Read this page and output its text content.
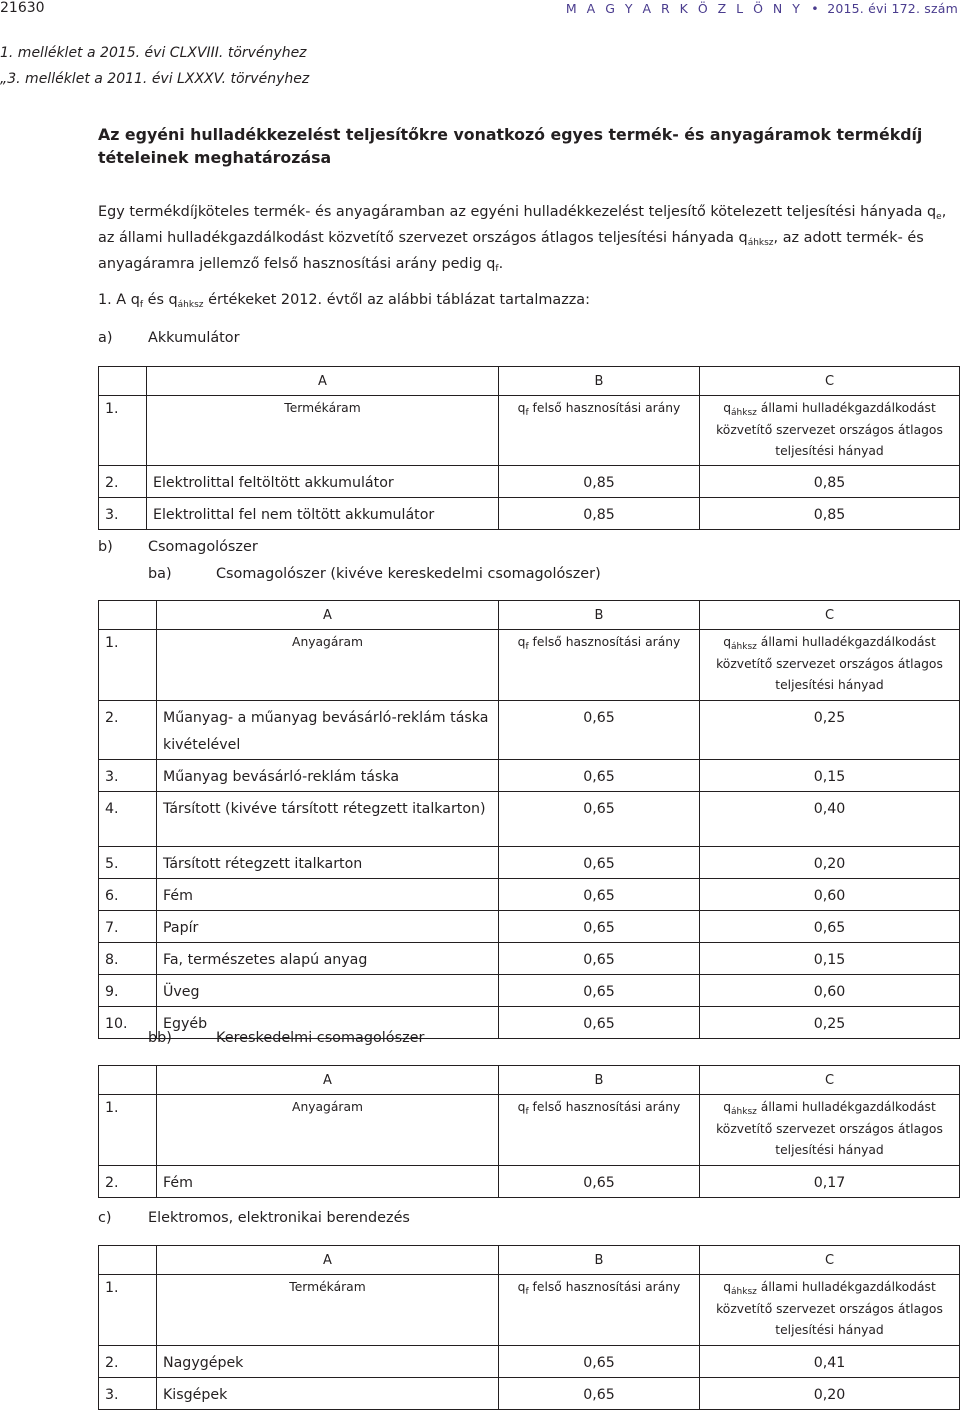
21630	M A G Y A R K Ö Z L Ö N Y  •  2015. évi 172. szám
1. melléklet a 2015. évi CLXVIII. törvényhez
„3. melléklet a 2011. évi LXXXV. törvényhez
Az egyéni hulladékkezelést teljesítőkre vonatkozó egyes termék- és anyagáramok termékdíj tételeinek meghatározása
Egy termékdíjköteles termék- és anyagáramban az egyéni hulladékkezelést teljesítő kötelezett teljesítési hányada $q_e$, az állami hulladékgazdálkodást közvetítő szervezet országos átlagos teljesítési hányada $q_{áhksz}$, az adott termék- és anyagáramra jellemző felső hasznosítási arány pedig $q_f$.
1. A $q_f$ és $q_{áhksz}$ értékeket 2012. évtől az alábbi táblázat tartalmazza:
a) Akkumulátor
	A	B	C
1.	Termékáram	$q_f$ felső hasznosítási arány	$q_{áhksz}$ állami hulladékgazdálkodást közvetítő szervezet országos átlagos teljesítési hányad
2.	Elektrolittal feltöltött akkumulátor	0,85	0,85
3.	Elektrolittal fel nem töltött akkumulátor	0,85	0,85
b) Csomagolószer
ba)	Csomagolószer (kivéve kereskedelmi csomagolószer)
	A	B	C
1.	Anyagáram	$q_f$ felső hasznosítási arány	$q_{áhksz}$ állami hulladékgazdálkodást közvetítő szervezet országos átlagos teljesítési hányad
2.	Műanyag- a műanyag bevásárló-reklám táska kivételével	0,65	0,25
3.	Műanyag bevásárló-reklám táska	0,65	0,15
4.	Társított (kivéve társított rétegzett italkarton)	0,65	0,40
5.	Társított rétegzett italkarton	0,65	0,20
6.	Fém	0,65	0,60
7.	Papír	0,65	0,65
8.	Fa, természetes alapú anyag	0,65	0,15
9.	Üveg	0,65	0,60
10.	Egyéb	0,65	0,25
bb)	Kereskedelmi csomagolószer
	A	B	C
1.	Anyagáram	$q_f$ felső hasznosítási arány	$q_{áhksz}$ állami hulladékgazdálkodást közvetítő szervezet országos átlagos teljesítési hányad
2.	Fém	0,65	0,17
c)	Elektromos, elektronikai berendezés
	A	B	C
1.	Termékáram	$q_f$ felső hasznosítási arány	$q_{áhksz}$ állami hulladékgazdálkodást közvetítő szervezet országos átlagos teljesítési hányad
2.	Nagygépek	0,65	0,41
3.	Kisgépek	0,65	0,20
